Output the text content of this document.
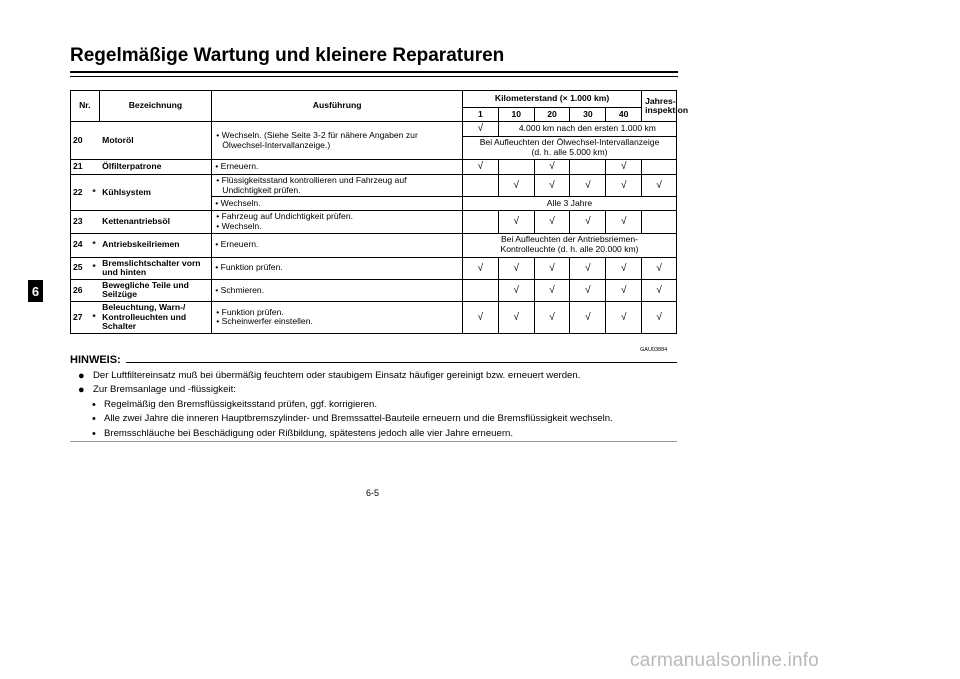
Regelmäßige Wartung und kleinere Reparaturen
6
Nr.		Bezeichnung	Ausführung	Kilometerstand (× 1.000 km)					Jahres-
inspektion
				1	10	20	30	40	
20		Motoröl	• Wechseln. (Siehe Seite 3-2 für nähere Angaben zur
Ölwechsel-Intervallanzeige.)	√	4.000 km nach den ersten 1.000 km				
				Bei Aufleuchten der Ölwechsel-Intervallanzeige
(d. h. alle 5.000 km)					
21		Ölfilterpatrone	• Erneuern.	√		√		√	
22	*	Kühlsystem	• Flüssigkeitsstand kontrollieren und Fahrzeug auf
Undichtigkeit prüfen.		√	√	√	√	√
			• Wechseln.	Alle 3 Jahre					
23		Kettenantriebsöl	• Fahrzeug auf Undichtigkeit prüfen.
• Wechseln.		√	√	√	√	
24	*	Antriebskeilriemen	• Erneuern.	Bei Aufleuchten der Antriebsriemen-
Kontrolleuchte (d. h. alle 20.000 km)					
25	*	Bremslichtschalter vorn
und hinten	• Funktion prüfen.	√	√	√	√	√	√
26		Bewegliche Teile und
Seilzüge	• Schmieren.		√	√	√	√	√
27	*	Beleuchtung, Warn-/
Kontrolleuchten und
Schalter	• Funktion prüfen.
• Scheinwerfer einstellen.	√	√	√	√	√	√
GAU03884
HINWEIS:

● Der Luftfiltereinsatz muß bei übermäßig feuchtem oder staubigem Einsatz häufiger gereinigt bzw. erneuert werden.

● Zur Bremsanlage und -flüssigkeit:

• Regelmäßig den Bremsflüssigkeitsstand prüfen, ggf. korrigieren.

• Alle zwei Jahre die inneren Hauptbremszylinder- und Bremssattel-Bauteile erneuern und die Bremsflüssigkeit wechseln.

• Bremsschläuche bei Beschädigung oder Rißbildung, spätestens jedoch alle vier Jahre erneuern.

6-5
carmanualsonline.info
